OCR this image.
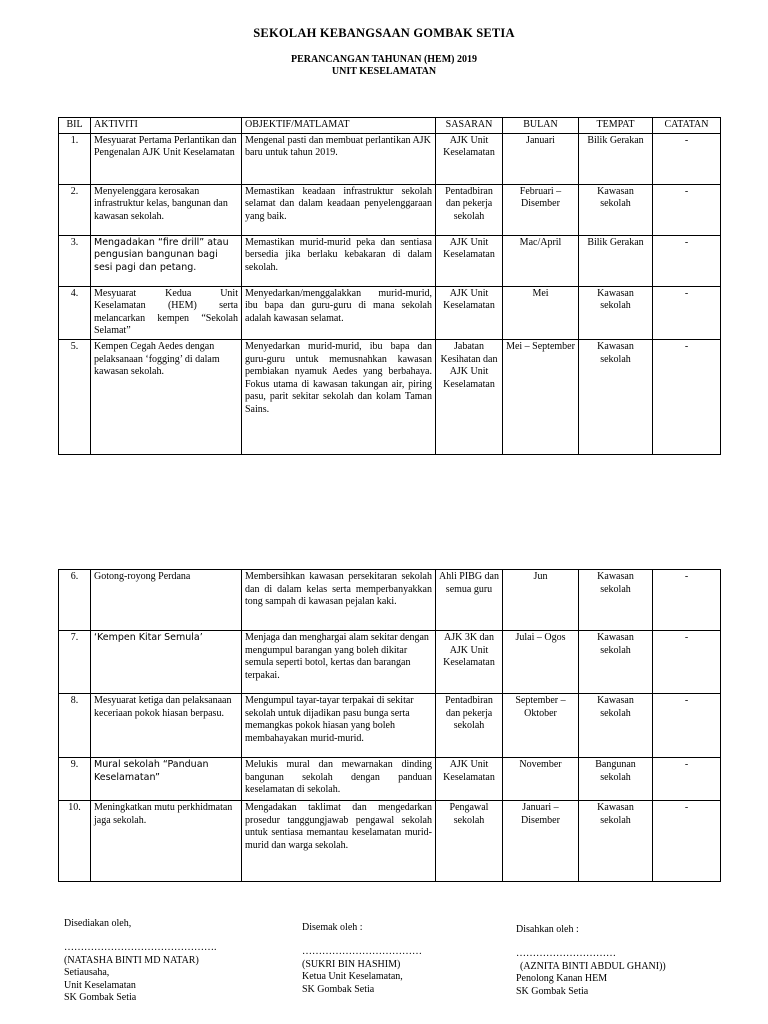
SEKOLAH KEBANGSAAN GOMBAK SETIA
PERANCANGAN TAHUNAN (HEM) 2019
UNIT KESELAMATAN
BIL	AKTIVITI	OBJEKTIF/MATLAMAT	SASARAN	BULAN	TEMPAT	CATATAN
1.	Mesyuarat Pertama Perlantikan dan Pengenalan AJK Unit Keselamatan	Mengenal pasti dan membuat perlantikan AJK baru untuk tahun 2019.	AJK Unit Keselamatan	Januari	Bilik Gerakan	-
2.	Menyelenggara kerosakan infrastruktur kelas, bangunan dan kawasan sekolah.	Memastikan keadaan infrastruktur sekolah selamat dan dalam keadaan penyelenggaraan yang baik.	Pentadbiran dan pekerja sekolah	Februari – Disember	Kawasan sekolah	-
3.	Mengadakan “fire drill” atau pengusian bangunan bagi sesi pagi dan petang.	Memastikan murid-murid peka dan sentiasa bersedia jika berlaku kebakaran di dalam sekolah.	AJK Unit Keselamatan	Mac/April	Bilik Gerakan	-
4.	Mesyuarat Kedua Unit Keselamatan (HEM) serta melancarkan kempen “Sekolah Selamat”	Menyedarkan/menggalakkan murid-murid, ibu bapa dan guru-guru di mana sekolah adalah kawasan selamat.	AJK Unit Keselamatan	Mei	Kawasan sekolah	-
5.	Kempen Cegah Aedes dengan pelaksanaan ‘fogging’ di dalam kawasan sekolah.	Menyedarkan murid-murid, ibu bapa dan guru-guru untuk memusnahkan kawasan pembiakan nyamuk Aedes yang berbahaya. Fokus utama di kawasan takungan air, piring pasu, parit sekitar sekolah dan kolam Taman Sains.	Jabatan Kesihatan dan AJK Unit Keselamatan	Mei – September	Kawasan sekolah	-
6.	Gotong-royong Perdana	Membersihkan kawasan persekitaran sekolah dan di dalam kelas serta memperbanyakkan tong sampah di kawasan pejalan kaki.	Ahli PIBG dan semua guru	Jun	Kawasan sekolah	-
7.	‘Kempen Kitar Semula’	Menjaga dan menghargai alam sekitar dengan mengumpul barangan yang boleh dikitar semula seperti botol, kertas dan barangan terpakai.	AJK 3K dan AJK Unit Keselamatan	Julai – Ogos	Kawasan sekolah	-
8.	Mesyuarat ketiga dan pelaksanaan keceriaan pokok hiasan berpasu.	Mengumpul tayar-tayar terpakai di sekitar sekolah untuk dijadikan pasu bunga serta memangkas pokok hiasan yang boleh membahayakan murid-murid.	Pentadbiran dan pekerja sekolah	September – Oktober	Kawasan sekolah	-
9.	Mural sekolah “Panduan Keselamatan”	Melukis mural dan mewarnakan dinding bangunan sekolah dengan panduan keselamatan di sekolah.	AJK Unit Keselamatan	November	Bangunan sekolah	-
10.	Meningkatkan mutu perkhidmatan jaga sekolah.	Mengadakan taklimat dan mengedarkan prosedur tanggungjawab pengawal sekolah untuk sentiasa memantau keselamatan murid-murid dan warga sekolah.	Pengawal sekolah	Januari – Disember	Kawasan sekolah	-
Disediakan oleh,
……………………………………….
(NATASHA BINTI MD NATAR)
Setiausaha,
Unit Keselamatan
SK Gombak Setia
Disemak oleh :
………………………………
(SUKRI BIN HASHIM)
Ketua Unit Keselamatan,
SK Gombak Setia
Disahkan oleh :
…………………………
(AZNITA BINTI ABDUL GHANI))
Penolong Kanan HEM
SK Gombak Setia
